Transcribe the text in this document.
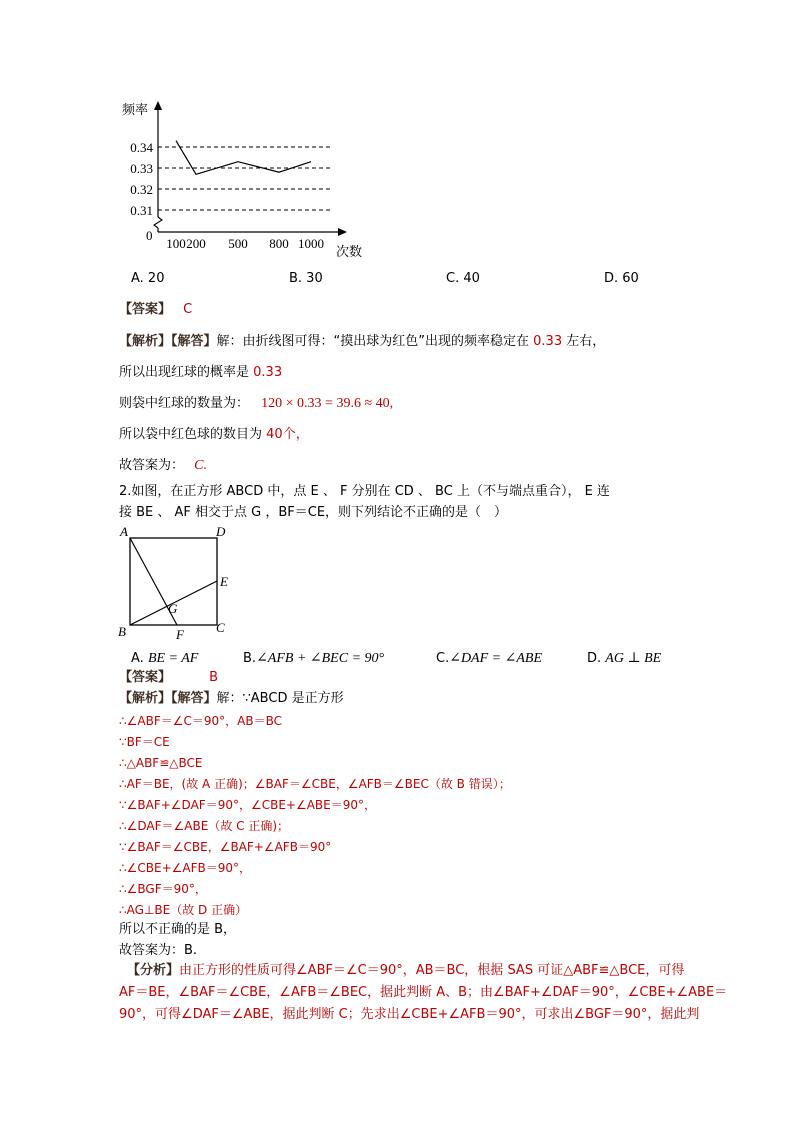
0.31
0.32
0.33
0.34
100 200 500 800 1000
频率
次数
0
A. 20	B. 30	C. 40	D. 60
【答案】 C
【解析】【解答】解：由折线图可得：“摸出球为红色”出现的频率稳定在 0.33 左右，
所以出现红球的概率是 0.33
则袋中红球的数量为： 120 × 0.33 = 39.6 ≈ 40,
所以袋中红色球的数目为 40个，
故答案为： C.
2.如图，在正方形 ABCD 中，点 E 、 F 分别在 CD 、 BC 上（不与端点重合）， E 连
接 BE 、 AF 相交于点 G ，BF＝CE，则下列结论不正确的是（　）
A	D
E
G
B	F C
A. BE = AF	B.∠AFB + ∠BEC = 90°	C.∠DAF = ∠ABE	D. AG ⊥ BE
【答案】	B
【解析】【解答】解：∵ABCD 是正方形
∴∠ABF＝∠C＝90°，AB＝BC
∵BF＝CE
∴△ABF≌△BCE
∴AF＝BE，(故 A 正确)；∠BAF＝∠CBE，∠AFB＝∠BEC（故 B 错误）；
∵∠BAF+∠DAF＝90°，∠CBE+∠ABE＝90°，
∴∠DAF＝∠ABE（故 C 正确)；
∵∠BAF＝∠CBE，∠BAF+∠AFB＝90°
∴∠CBE+∠AFB＝90°，
∴∠BGF＝90°，
∴AG⊥BE（故 D 正确）
所以不正确的是 B，
故答案为：B.
【分析】由正方形的性质可得∠ABF＝∠C＝90°，AB＝BC，根据 SAS 可证△ABF≌△BCE，可得
AF＝BE，∠BAF＝∠CBE，∠AFB＝∠BEC，据此判断 A、B；由∠BAF+∠DAF＝90°，∠CBE+∠ABE＝
90°，可得∠DAF＝∠ABE，据此判断 C；先求出∠CBE+∠AFB＝90°，可求出∠BGF＝90°，据此判
